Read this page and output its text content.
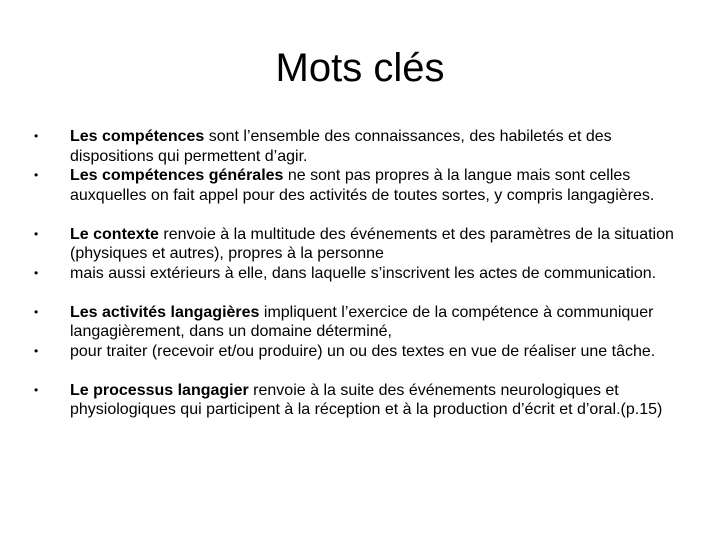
Mots clés
• Les compétences sont l’ensemble des connaissances, des habiletés et des dispositions qui permettent d’agir.
• Les compétences générales ne sont pas propres à la langue mais sont celles auxquelles on fait appel pour des activités de toutes sortes, y compris langagières.
• Le contexte renvoie à la multitude des événements et des paramètres de la situation (physiques et autres), propres à la personne
• mais aussi extérieurs à elle, dans laquelle s’inscrivent les actes de communication.
• Les activités langagières impliquent l’exercice de la compétence à communiquer langagièrement, dans un domaine déterminé,
• pour traiter (recevoir et/ou produire) un ou des textes en vue de réaliser une tâche.
• Le processus langagier renvoie à la suite des événements neurologiques et physiologiques qui participent à la réception et à la production d’écrit et d’oral.(p.15)
